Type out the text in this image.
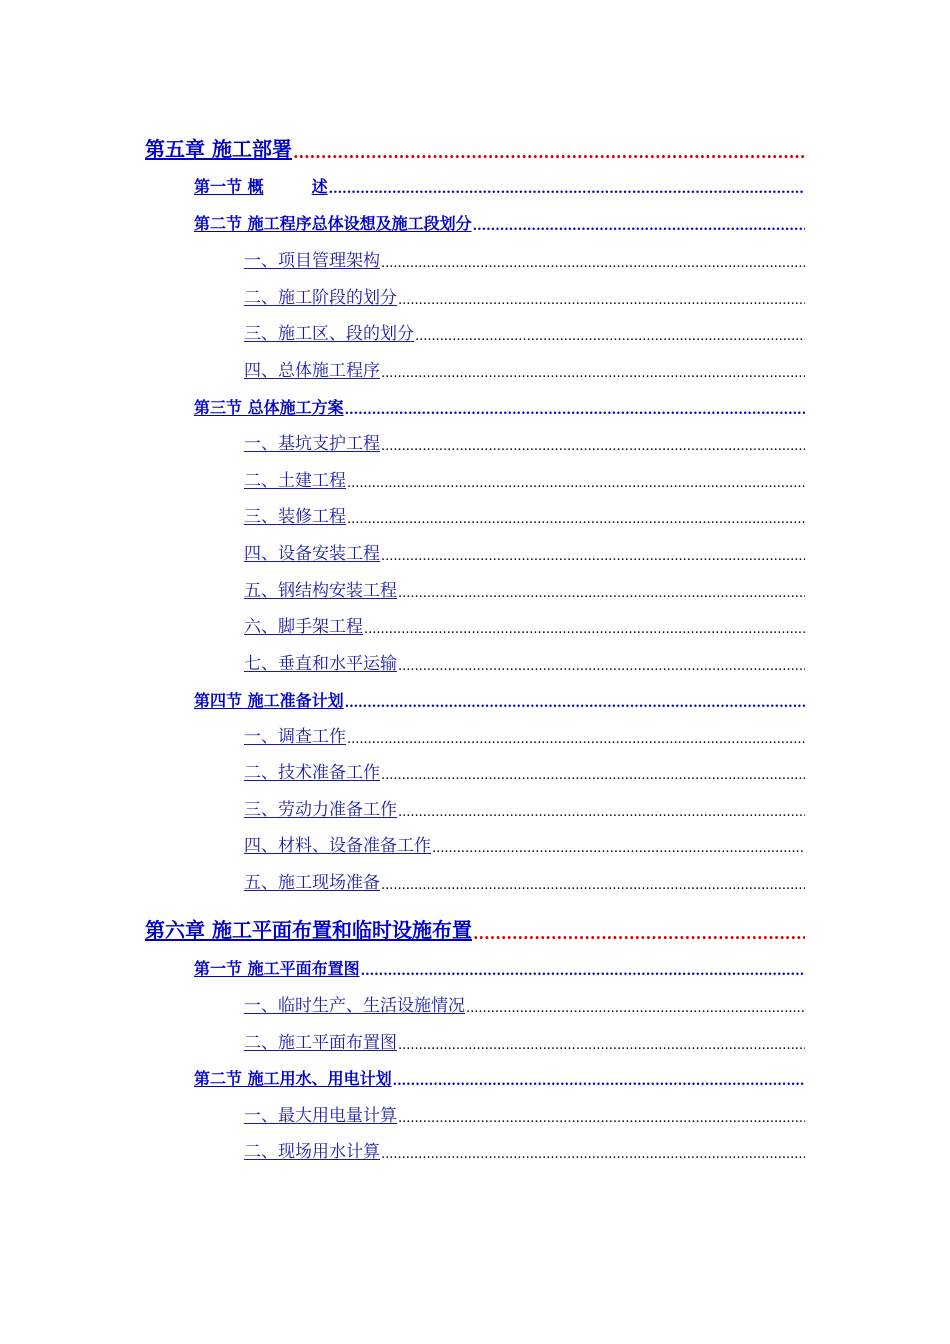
第五章 施工部署
.....
第一节 概	述
.....
第二节 施工程序总体设想及施工段划分
.....
一、项目管理架构
.....
二、施工阶段的划分
.....
三、施工区、段的划分
.....
四、总体施工程序
.....
第三节 总体施工方案
.....
一、基坑支护工程
.....
二、土建工程
.....
三、装修工程
.....
四、设备安装工程
.....
五、钢结构安装工程
.....
六、脚手架工程
.....
七、垂直和水平运输
.....
第四节 施工准备计划
.....
一、调查工作
.....
二、技术准备工作
.....
三、劳动力准备工作
.....
四、材料、设备准备工作
.....
五、施工现场准备
.....
第六章 施工平面布置和临时设施布置
.....
第一节 施工平面布置图
.....
一、临时生产、生活设施情况
.....
二、施工平面布置图
.....
第二节 施工用水、用电计划
.....
一、最大用电量计算
.....
二、现场用水计算
.....
